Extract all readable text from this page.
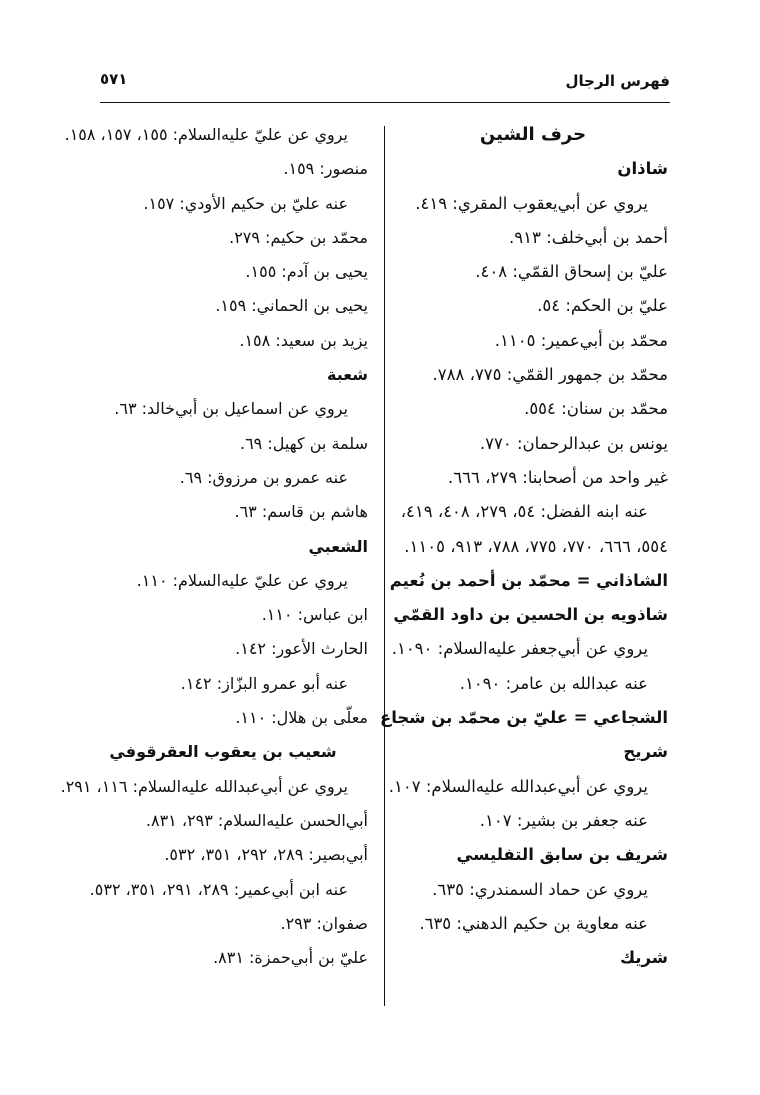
فهرس الرجال
٥٧١
حرف الشين
شاذان
يروي عن أبي‌يعقوب المقري: ٤١٩.
أحمد بن أبي‌خلف: ٩١٣.
عليّ بن إسحاق القمّي: ٤٠٨.
عليّ بن الحكم: ٥٤.
محمّد بن أبي‌عمير: ١١٠٥.
محمّد بن جمهور القمّي: ٧٧٥، ٧٨٨.
محمّد بن سنان: ٥٥٤.
يونس بن عبدالرحمان: ٧٧٠.
غير واحد من أصحابنا: ٢٧٩، ٦٦٦.
عنه ابنه الفضل: ٥٤، ٢٧٩، ٤٠٨، ٤١٩،
٥٥٤، ٦٦٦، ٧٧٠، ٧٧٥، ٧٨٨، ٩١٣، ١١٠٥.
الشاذاني = محمّد بن أحمد بن نُعيم
شاذويه بن الحسين بن داود القمّي
يروي عن أبي‌جعفر عليه‌السلام: ١٠٩٠.
عنه عبدالله بن عامر: ١٠٩٠.
الشجاعي = عليّ بن محمّد بن شجاع
شريح
يروي عن أبي‌عبدالله عليه‌السلام: ١٠٧.
عنه جعفر بن بشير: ١٠٧.
شريف بن سابق التفليسي
يروي عن حماد السمندري: ٦٣٥.
عنه معاوية بن حكيم الدهني: ٦٣٥.
شريك
يروي عن عليّ عليه‌السلام: ١٥٥، ١٥٧، ١٥٨.
منصور: ١٥٩.
عنه عليّ بن حكيم الأودي: ١٥٧.
محمّد بن حكيم: ٢٧٩.
يحيى بن آدم: ١٥٥.
يحيى بن الحماني: ١٥٩.
يزيد بن سعيد: ١٥٨.
شعبة
يروي عن اسماعيل بن أبي‌خالد: ٦٣.
سلمة بن كهيل: ٦٩.
عنه عمرو بن مرزوق: ٦٩.
هاشم بن قاسم: ٦٣.
الشعبي
يروي عن عليّ عليه‌السلام: ١١٠.
ابن عباس: ١١٠.
الحارث الأعور: ١٤٢.
عنه أبو عمرو البزّاز: ١٤٢.
معلّى بن هلال: ١١٠.
شعيب بن يعقوب العقرقوفي
يروي عن أبي‌عبدالله عليه‌السلام: ١١٦، ٢٩١.
أبي‌الحسن عليه‌السلام: ٢٩٣، ٨٣١.
أبي‌بصير: ٢٨٩، ٢٩٢، ٣٥١، ٥٣٢.
عنه ابن أبي‌عمير: ٢٨٩، ٢٩١، ٣٥١، ٥٣٢.
صفوان: ٢٩٣.
عليّ بن أبي‌حمزة: ٨٣١.
